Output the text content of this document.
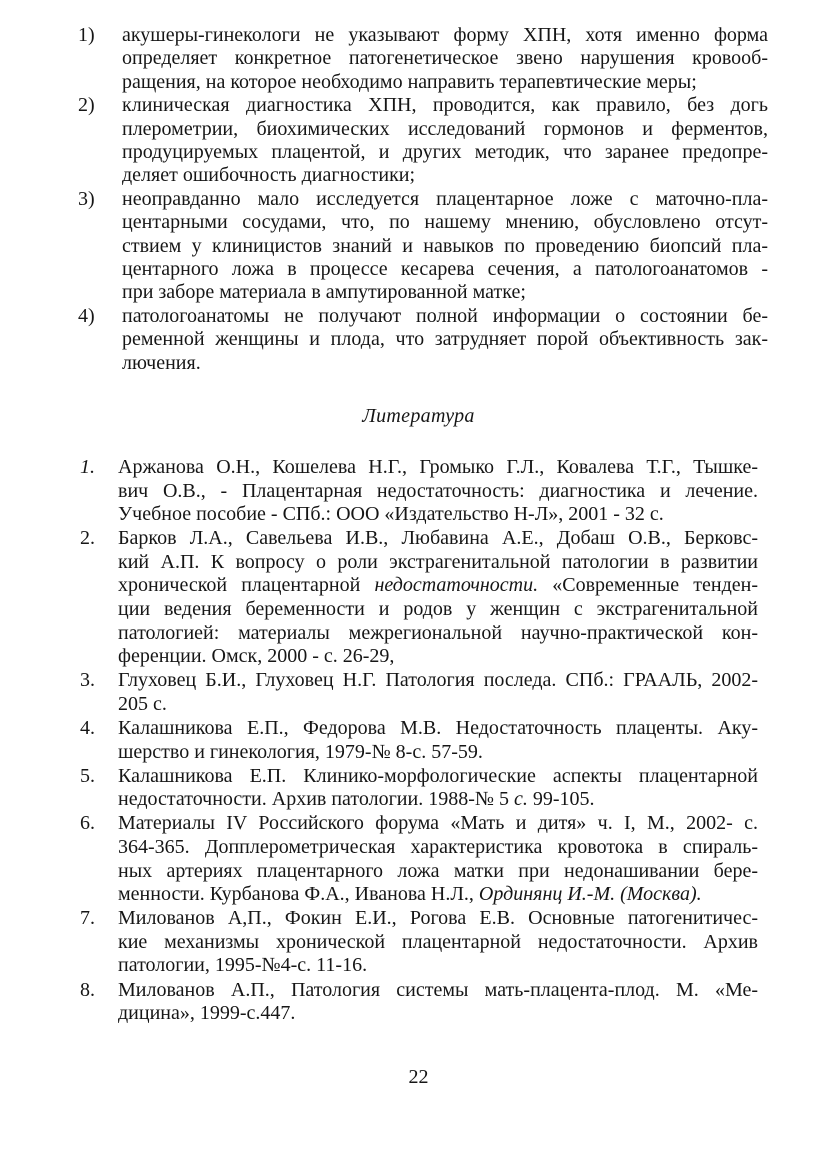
1)	акушеры-гинекологи не указывают форму ХПН, хотя именно форма
определяет конкретное патогенетическое звено нарушения кровооб-
ращения, на которое необходимо направить терапевтические меры;
2)	клиническая диагностика ХПН, проводится, как правило, без догь
плерометрии, биохимических исследований гормонов и ферментов,
продуцируемых плацентой, и других методик, что заранее предопре-
деляет ошибочность диагностики;
3)	неоправданно мало исследуется плацентарное ложе с маточно-пла-
центарными сосудами, что, по нашему мнению, обусловлено отсут-
ствием у клиницистов знаний и навыков по проведению биопсий пла-
центарного ложа в процессе кесарева сечения, а патологоанатомов -
при заборе материала в ампутированной матке;
4)	патологоанатомы не получают полной информации о состоянии бе-
ременной женщины и плода, что затрудняет порой объективность зак-
лючения.
Литература
1.	Аржанова О.Н., Кошелева Н.Г., Громыко Г.Л., Ковалева Т.Г., Тышке-
вич О.В., - Плацентарная недостаточность: диагностика и лечение.
Учебное пособие - СПб.: ООО «Издательство Н-Л», 2001 - 32 с.
2.	Барков Л.А., Савельева И.В., Любавина А.Е., Добаш О.В., Берковс-
кий А.П. К вопросу о роли экстрагенитальной патологии в развитии
хронической плацентарной недостаточности. «Современные тенден-
ции ведения беременности и родов у женщин с экстрагенитальной
патологией: материалы межрегиональной научно-практической кон-
ференции. Омск, 2000 - с. 26-29,
3.	Глуховец Б.И., Глуховец Н.Г. Патология последа. СПб.: ГРААЛЬ, 2002-
205 с.
4.	Калашникова Е.П., Федорова М.В. Недостаточность плаценты. Аку-
шерство и гинекология, 1979-№ 8-с. 57-59.
5.	Калашникова Е.П. Клинико-морфологические аспекты плацентарной
недостаточности. Архив патологии. 1988-№ 5 с. 99-105.
6.	Материалы IV Российского форума «Мать и дитя» ч. I, М., 2002- с.
364-365. Допплерометрическая характеристика кровотока в спираль-
ных артериях плацентарного ложа матки при недонашивании бере-
менности. Курбанова Ф.А., Иванова Н.Л., Ординянц И.-М. (Москва).
7.	Милованов А,П., Фокин Е.И., Рогова Е.В. Основные патогенитичес-
кие механизмы хронической плацентарной недостаточности. Архив
патологии, 1995-№4-с. 11-16.
8.	Милованов А.П., Патология системы мать-плацента-плод. М. «Ме-
дицина», 1999-с.447.
22
